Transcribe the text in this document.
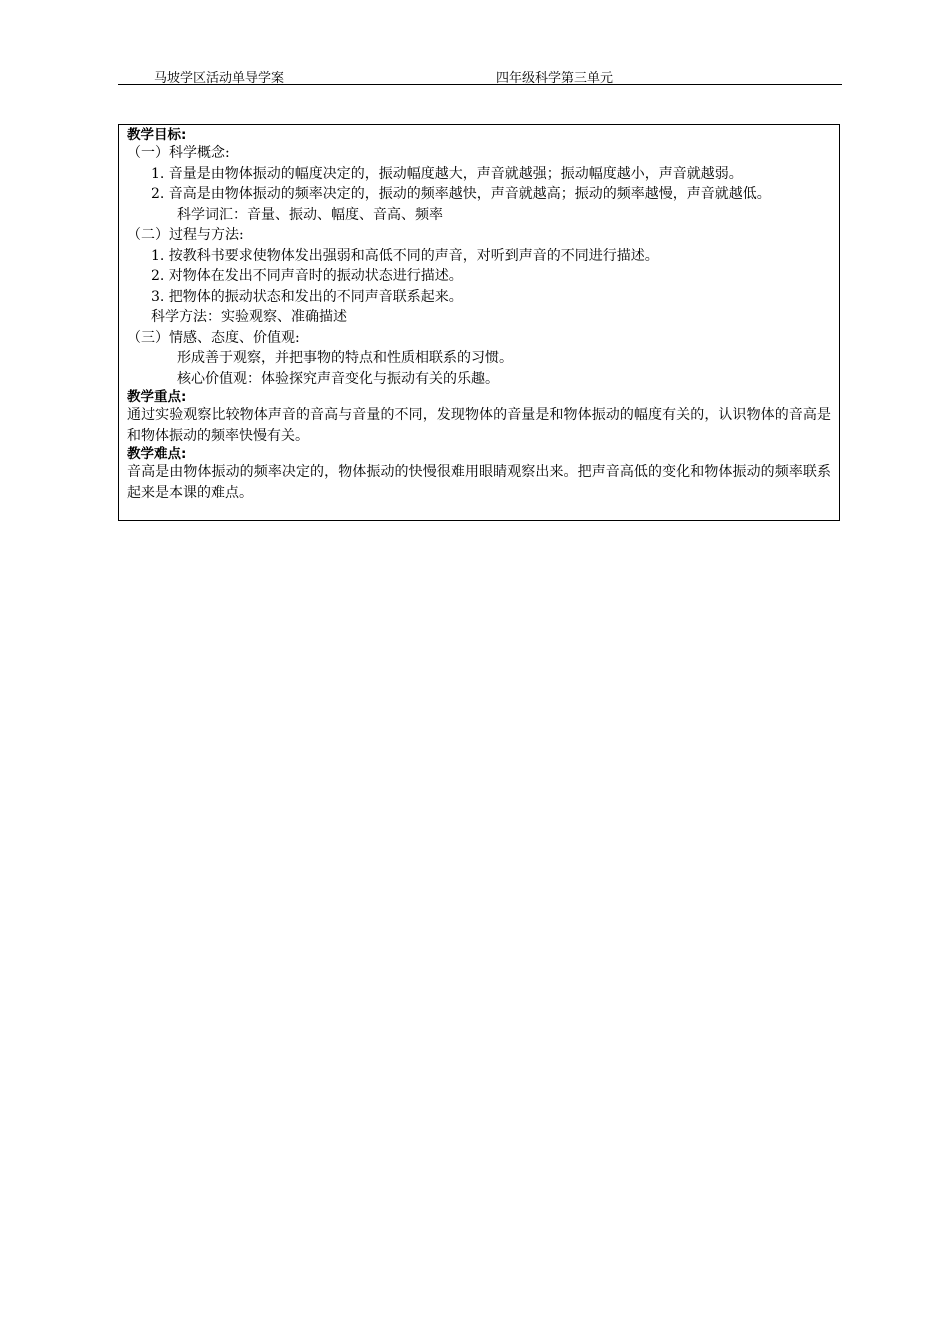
马坡学区活动单导学案	四年级科学第三单元
教学目标:
（一）科学概念:
1. 音量是由物体振动的幅度决定的，振动幅度越大，声音就越强；振动幅度越小，声音就越弱。
2. 音高是由物体振动的频率决定的，振动的频率越快，声音就越高；振动的频率越慢，声音就越低。
科学词汇：音量、振动、幅度、音高、频率
（二）过程与方法:
1. 按教科书要求使物体发出强弱和高低不同的声音，对听到声音的不同进行描述。
2. 对物体在发出不同声音时的振动状态进行描述。
3. 把物体的振动状态和发出的不同声音联系起来。
科学方法：实验观察、准确描述
（三）情感、态度、价值观:
形成善于观察，并把事物的特点和性质相联系的习惯。
核心价值观：体验探究声音变化与振动有关的乐趣。
教学重点:
通过实验观察比较物体声音的音高与音量的不同，发现物体的音量是和物体振动的幅度有关的，认识物体的音高是和物体振动的频率快慢有关。
教学难点:
音高是由物体振动的频率决定的，物体振动的快慢很难用眼睛观察出来。把声音高低的变化和物体振动的频率联系起来是本课的难点。
